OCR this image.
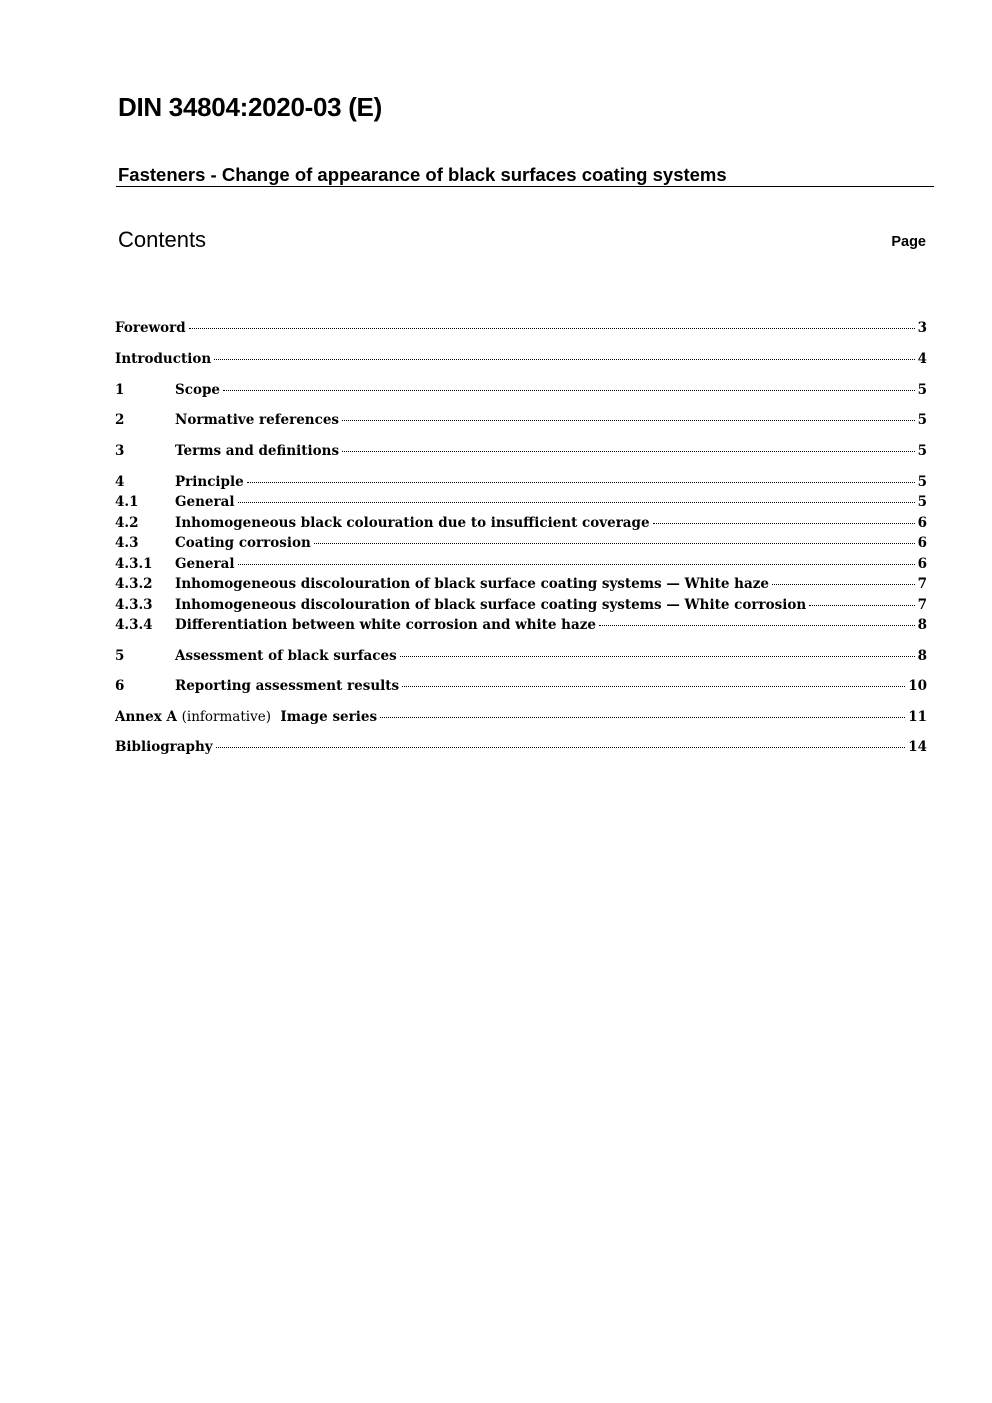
DIN 34804:2020-03 (E)
Fasteners - Change of appearance of black surfaces coating systems
Contents	Page
Foreword	3
Introduction	4
1	Scope	5
2	Normative references	5
3	Terms and definitions	5
4	Principle	5
4.1	General	5
4.2	Inhomogeneous black colouration due to insufficient coverage	6
4.3	Coating corrosion	6
4.3.1	General	6
4.3.2	Inhomogeneous discolouration of black surface coating systems — White haze	7
4.3.3	Inhomogeneous discolouration of black surface coating systems — White corrosion	7
4.3.4	Differentiation between white corrosion and white haze	8
5	Assessment of black surfaces	8
6	Reporting assessment results	10
Annex A (informative) Image series	11
Bibliography	14
